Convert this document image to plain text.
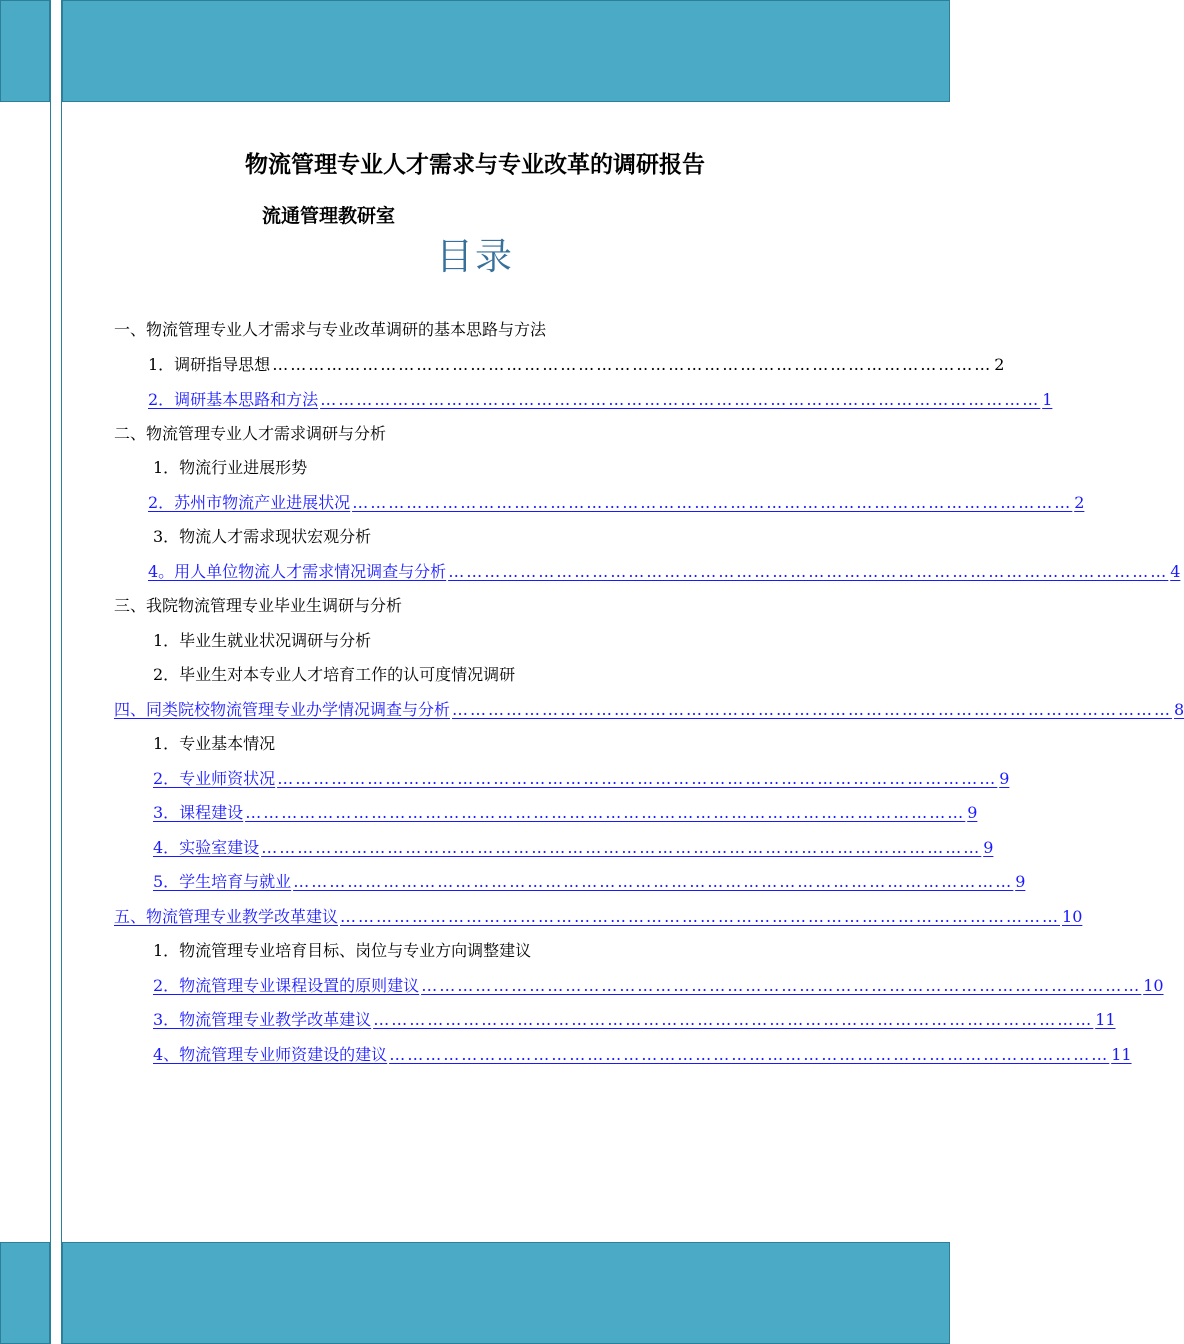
物流管理专业人才需求与专业改革的调研报告
流通管理教研室
目录
一、物流管理专业人才需求与专业改革调研的基本思路与方法
1．调研指导思想 ………………………………………………………………………………………………………… 2
2．调研基本思路和方法 ………………………………………………………………………………………………………… 1
二、物流管理专业人才需求调研与分析
1．物流行业进展形势
2．苏州市物流产业进展状况 ………………………………………………………………………………………………………… 2
3．物流人才需求现状宏观分析
4。用人单位物流人才需求情况调查与分析 ………………………………………………………………………………………………………… 4
三、我院物流管理专业毕业生调研与分析
1．毕业生就业状况调研与分析
2．毕业生对本专业人才培育工作的认可度情况调研
四、同类院校物流管理专业办学情况调查与分析 ………………………………………………………………………………………………………… 8
1．专业基本情况
2．专业师资状况 ………………………………………………………………………………………………………… 9
3．课程建设 ………………………………………………………………………………………………………… 9
4．实验室建设 ………………………………………………………………………………………………………… 9
5．学生培育与就业 ………………………………………………………………………………………………………… 9
五、物流管理专业教学改革建议 ………………………………………………………………………………………………………… 10
1．物流管理专业培育目标、岗位与专业方向调整建议
2．物流管理专业课程设置的原则建议 ………………………………………………………………………………………………………… 10
3．物流管理专业教学改革建议 ………………………………………………………………………………………………………… 11
4、物流管理专业师资建设的建议 ………………………………………………………………………………………………………… 11
